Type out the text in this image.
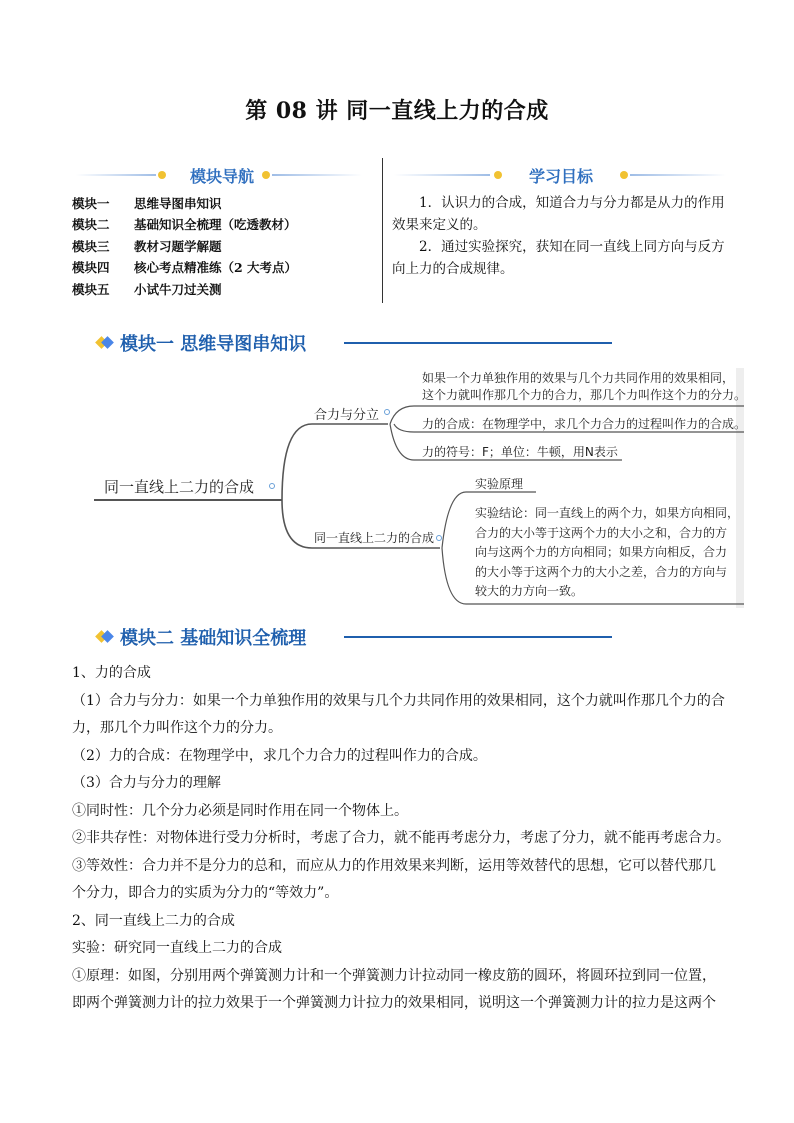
第 08 讲 同一直线上力的合成
模块导航
模块一	思维导图串知识
模块二	基础知识全梳理（吃透教材）
模块三	教材习题学解题
模块四	核心考点精准练（2 大考点）
模块五	小试牛刀过关测
学习目标

1．认识力的合成，知道合力与分力都是从力的作用效果来定义的。

2．通过实验探究，获知在同一直线上同方向与反方向上力的合成规律。

模块一 思维导图串知识
同一直线上二力的合成
合力与分立
如果一个力单独作用的效果与几个力共同作用的效果相同，
这个力就叫作那几个力的合力，那几个力叫作这个力的分力。
力的合成：在物理学中，求几个力合力的过程叫作力的合成。
力的符号：F；单位：牛顿，用N表示
同一直线上二力的合成
实验原理
实验结论：同一直线上的两个力，如果方向相同，
合力的大小等于这两个力的大小之和，合力的方
向与这两个力的方向相同；如果方向相反，合力
的大小等于这两个力的大小之差，合力的方向与
较大的力方向一致。
模块二 基础知识全梳理

1、力的合成

（1）合力与分力：如果一个力单独作用的效果与几个力共同作用的效果相同，这个力就叫作那几个力的合

力，那几个力叫作这个力的分力。

（2）力的合成：在物理学中，求几个力合力的过程叫作力的合成。

（3）合力与分力的理解

①同时性：几个分力必须是同时作用在同一个物体上。

②非共存性：对物体进行受力分析时，考虑了合力，就不能再考虑分力，考虑了分力，就不能再考虑合力。

③等效性：合力并不是分力的总和，而应从力的作用效果来判断，运用等效替代的思想，它可以替代那几

个分力，即合力的实质为分力的“等效力”。

2、同一直线上二力的合成

实验：研究同一直线上二力的合成

①原理：如图，分别用两个弹簧测力计和一个弹簧测力计拉动同一橡皮筋的圆环，将圆环拉到同一位置，

即两个弹簧测力计的拉力效果于一个弹簧测力计拉力的效果相同，说明这一个弹簧测力计的拉力是这两个
